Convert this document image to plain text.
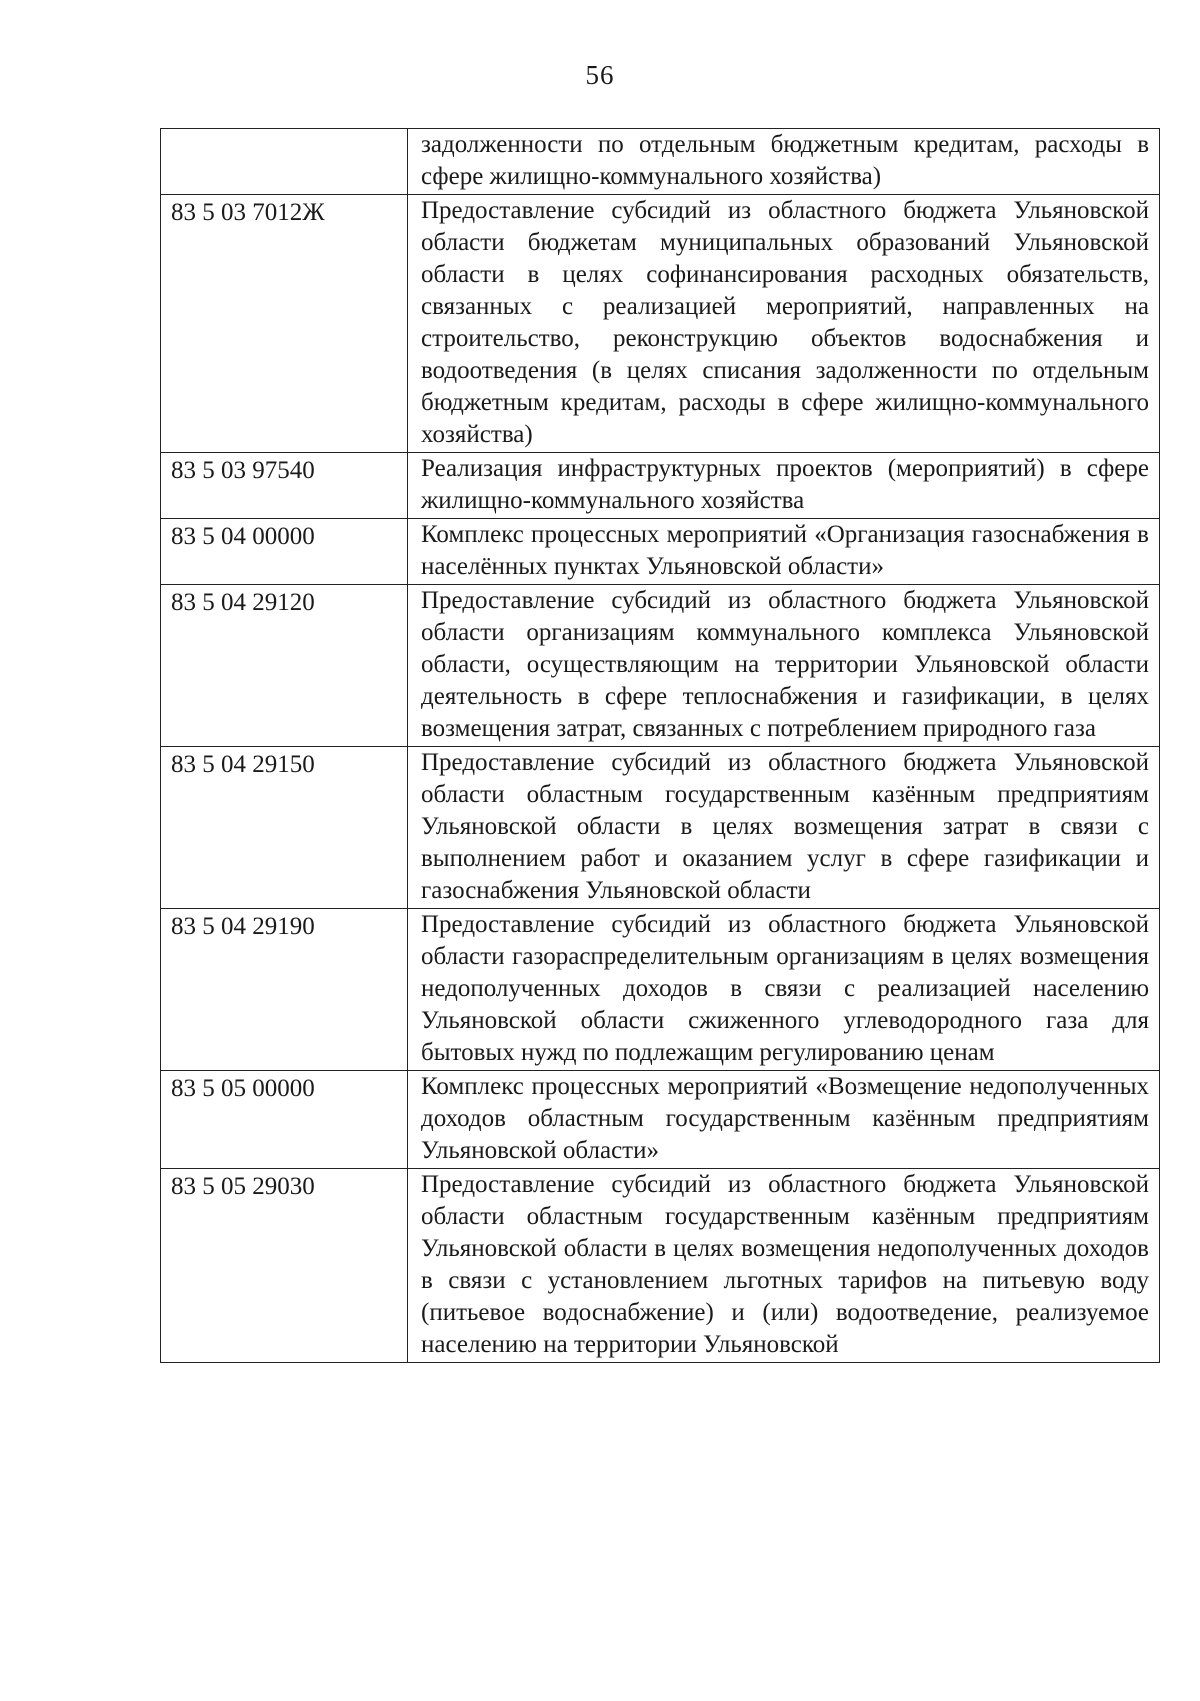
56
	задолженности по отдельным бюджетным кредитам, расходы в сфере жилищно-коммунального хозяйства)
83 5 03 7012Ж	Предоставление субсидий из областного бюджета Ульяновской области бюджетам муниципальных образований Ульяновской области в целях софинансирования расходных обязательств, связанных с реализацией мероприятий, направленных на строительство, реконструкцию объектов водоснабжения и водоотведения (в целях списания задолженности по отдельным бюджетным кредитам, расходы в сфере жилищно-коммунального хозяйства)
83 5 03 97540	Реализация инфраструктурных проектов (мероприятий) в сфере жилищно-коммунального хозяйства
83 5 04 00000	Комплекс процессных мероприятий «Организация газоснабжения в населённых пунктах Ульяновской области»
83 5 04 29120	Предоставление субсидий из областного бюджета Ульяновской области организациям коммунального комплекса Ульяновской области, осуществляющим на территории Ульяновской области деятельность в сфере теплоснабжения и газификации, в целях возмещения затрат, связанных с потреблением природного газа
83 5 04 29150	Предоставление субсидий из областного бюджета Ульяновской области областным государственным казённым предприятиям Ульяновской области в целях возмещения затрат в связи с выполнением работ и оказанием услуг в сфере газификации и газоснабжения Ульяновской области
83 5 04 29190	Предоставление субсидий из областного бюджета Ульяновской области газораспределительным организациям в целях возмещения недополученных доходов в связи с реализацией населению Ульяновской области сжиженного углеводородного газа для бытовых нужд по подлежащим регулированию ценам
83 5 05 00000	Комплекс процессных мероприятий «Возмещение недополученных доходов областным государственным казённым предприятиям Ульяновской области»
83 5 05 29030	Предоставление субсидий из областного бюджета Ульяновской области областным государственным казённым предприятиям Ульяновской области в целях возмещения недополученных доходов в связи с установлением льготных тарифов на питьевую воду (питьевое водоснабжение) и (или) водоотведение, реализуемое населению на территории Ульяновской
